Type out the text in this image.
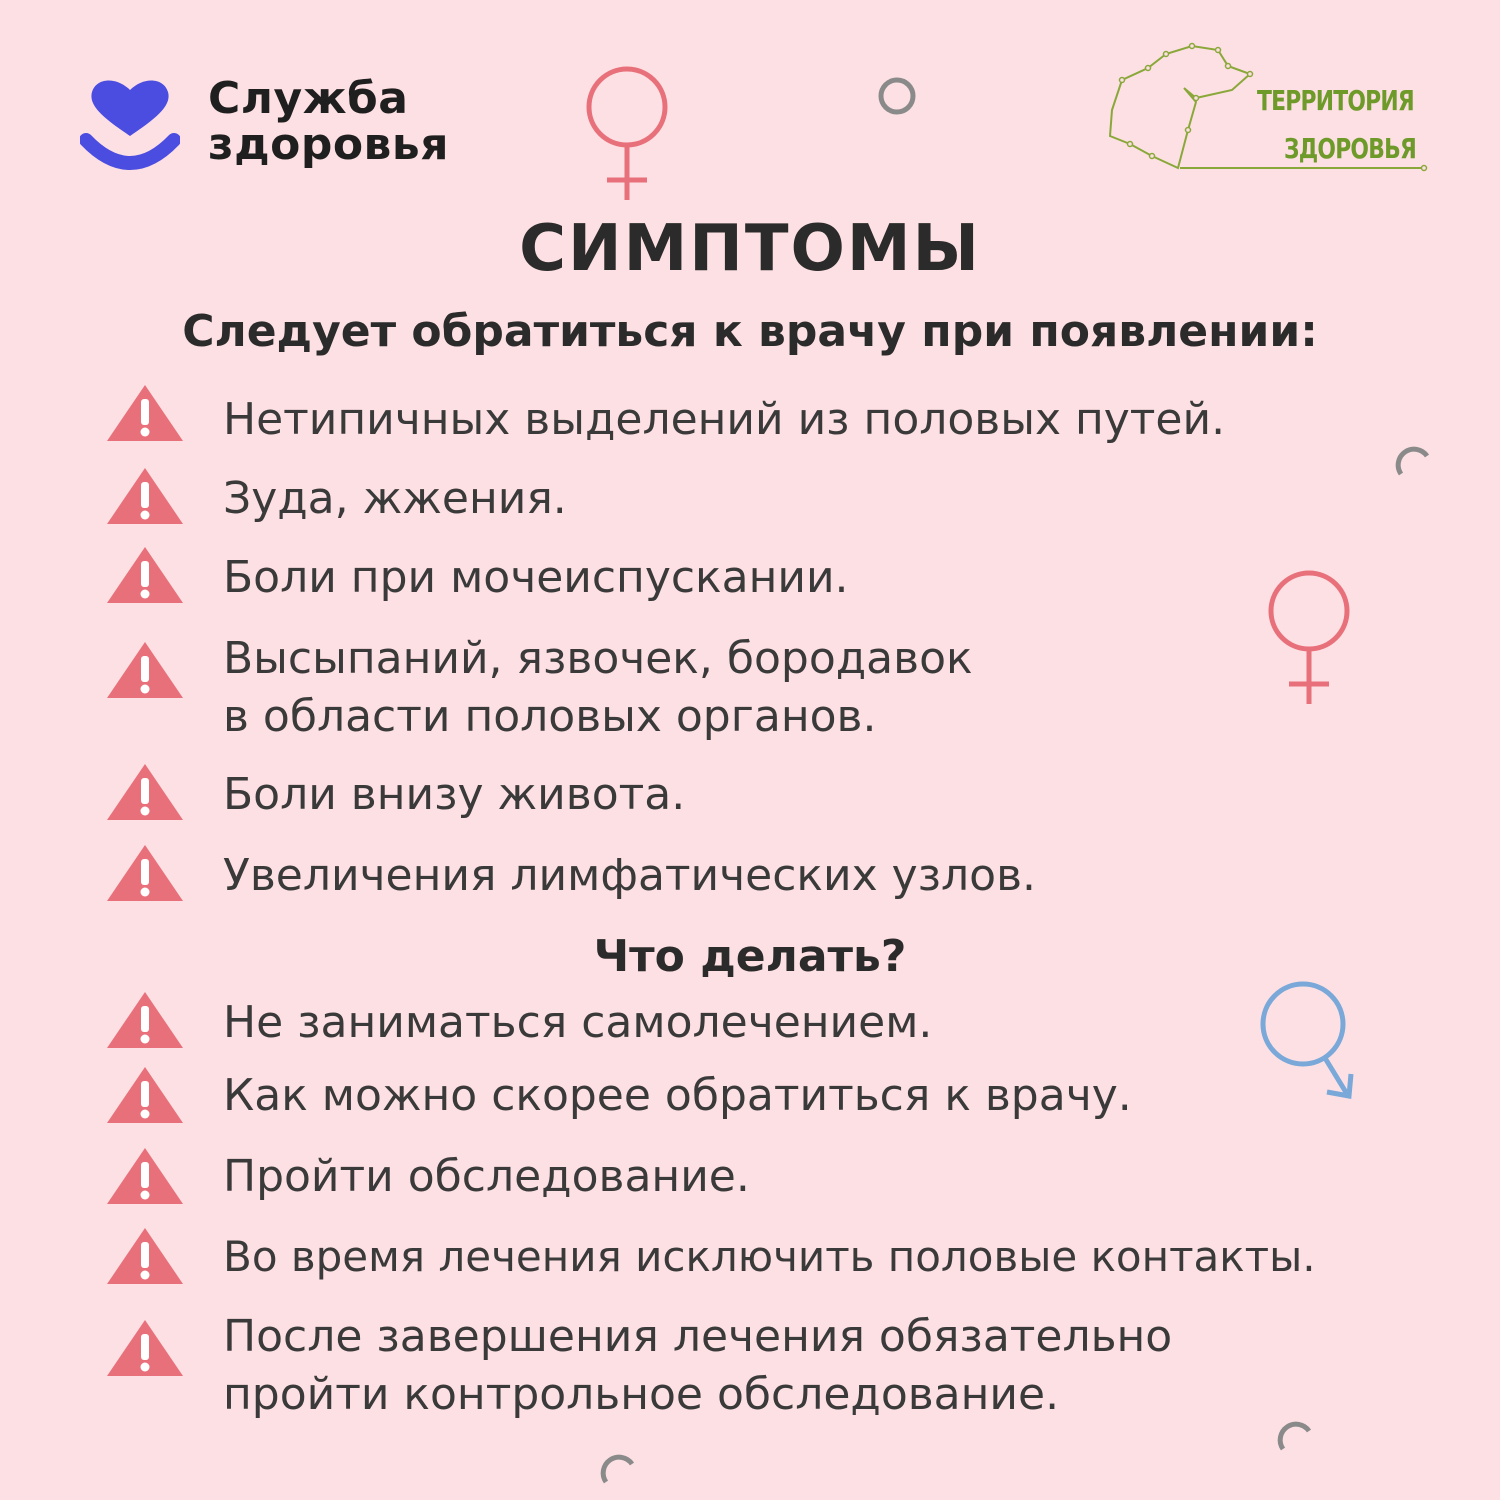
Служба
здоровья
ТЕРРИТОРИЯ
ЗДОРОВЬЯ
СИМПТОМЫ
Следует обратиться к врачу при появлении:
Нетипичных выделений из половых путей.
Зуда, жжения.
Боли при мочеиспускании.
Высыпаний, язвочек, бородавок
в области половых органов.
Боли внизу живота.
Увеличения лимфатических узлов.
Что делать?
Не заниматься самолечением.
Как можно скорее обратиться к врачу.
Пройти обследование.
Во время лечения исключить половые контакты.
После завершения лечения обязательно
пройти контрольное обследование.
